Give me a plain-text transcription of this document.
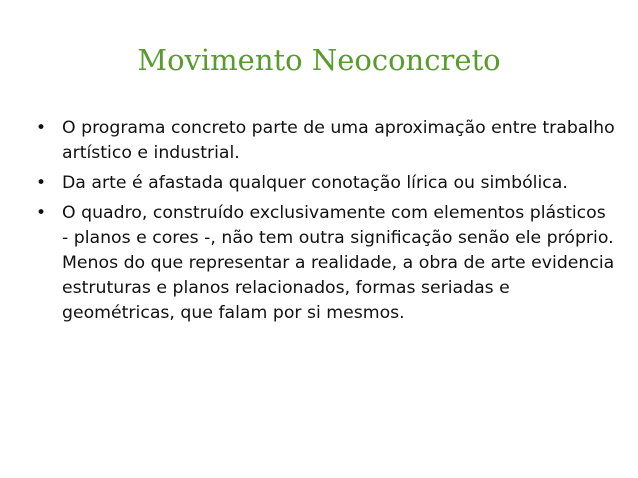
Movimento Neoconcreto
• O programa concreto parte de uma aproximação entre trabalho artístico e industrial.
• Da arte é afastada qualquer conotação lírica ou simbólica.
• O quadro, construído exclusivamente com elementos plásticos - planos e cores -, não tem outra significação senão ele próprio. Menos do que representar a realidade, a obra de arte evidencia estruturas e planos relacionados, formas seriadas e geométricas, que falam por si mesmos.
